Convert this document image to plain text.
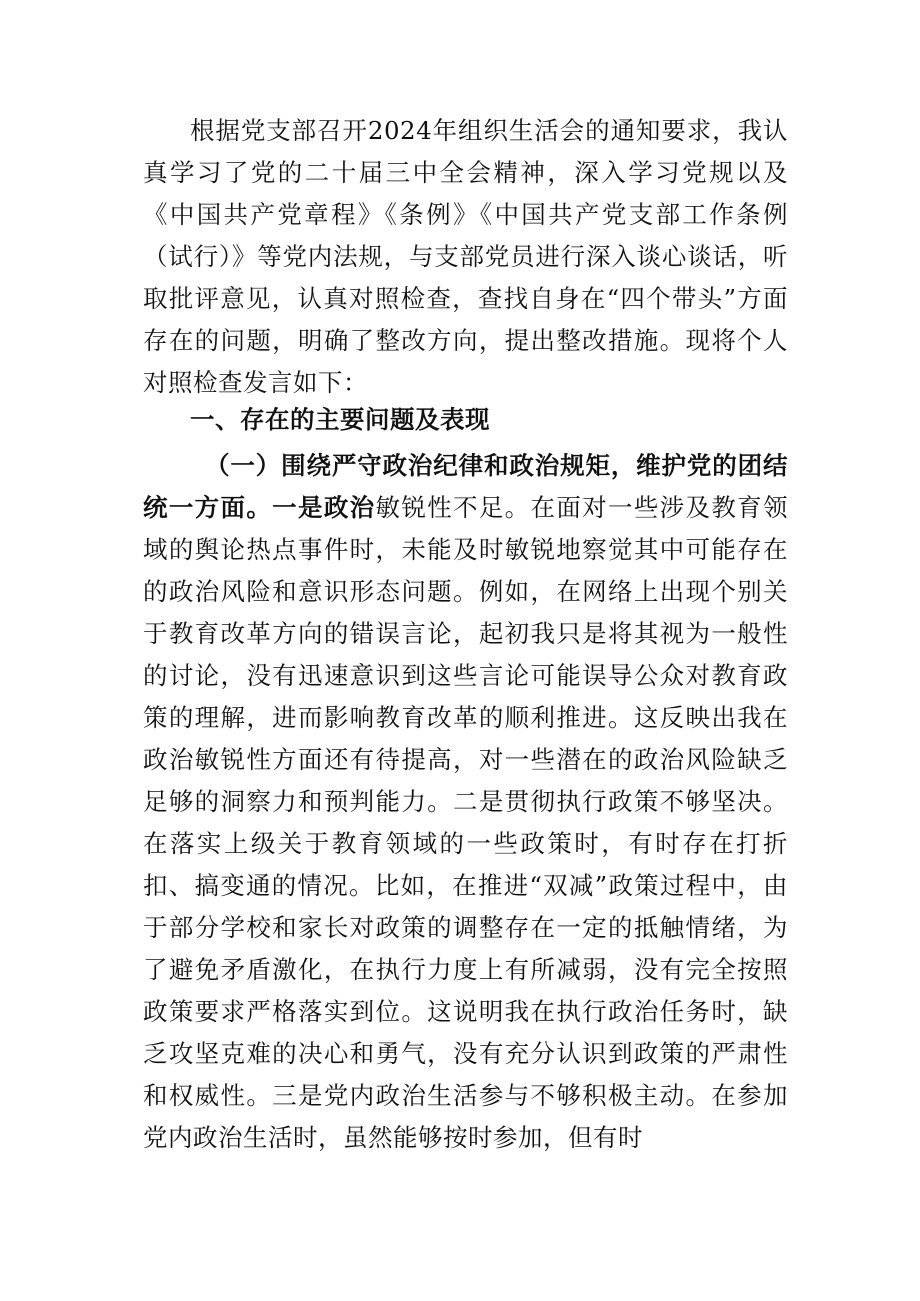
根据党支部召开2024年组织生活会的通知要求，我认真学习了党的二十届三中全会精神，深入学习党规以及《中国共产党章程》《条例》《中国共产党支部工作条例（试行）》等党内法规，与支部党员进行深入谈心谈话，听取批评意见，认真对照检查，查找自身在“四个带头”方面存在的问题，明确了整改方向，提出整改措施。现将个人对照检查发言如下：

一、存在的主要问题及表现

（一）围绕严守政治纪律和政治规矩，维护党的团结统一方面。一是政治敏锐性不足。在面对一些涉及教育领域的舆论热点事件时，未能及时敏锐地察觉其中可能存在的政治风险和意识形态问题。例如，在网络上出现个别关于教育改革方向的错误言论，起初我只是将其视为一般性的讨论，没有迅速意识到这些言论可能误导公众对教育政策的理解，进而影响教育改革的顺利推进。这反映出我在政治敏锐性方面还有待提高，对一些潜在的政治风险缺乏足够的洞察力和预判能力。二是贯彻执行政策不够坚决。在落实上级关于教育领域的一些政策时，有时存在打折扣、搞变通的情况。比如，在推进“双减”政策过程中，由于部分学校和家长对政策的调整存在一定的抵触情绪，为了避免矛盾激化，在执行力度上有所减弱，没有完全按照政策要求严格落实到位。这说明我在执行政治任务时，缺乏攻坚克难的决心和勇气，没有充分认识到政策的严肃性和权威性。三是党内政治生活参与不够积极主动。在参加党内政治生活时，虽然能够按时参加，但有时
